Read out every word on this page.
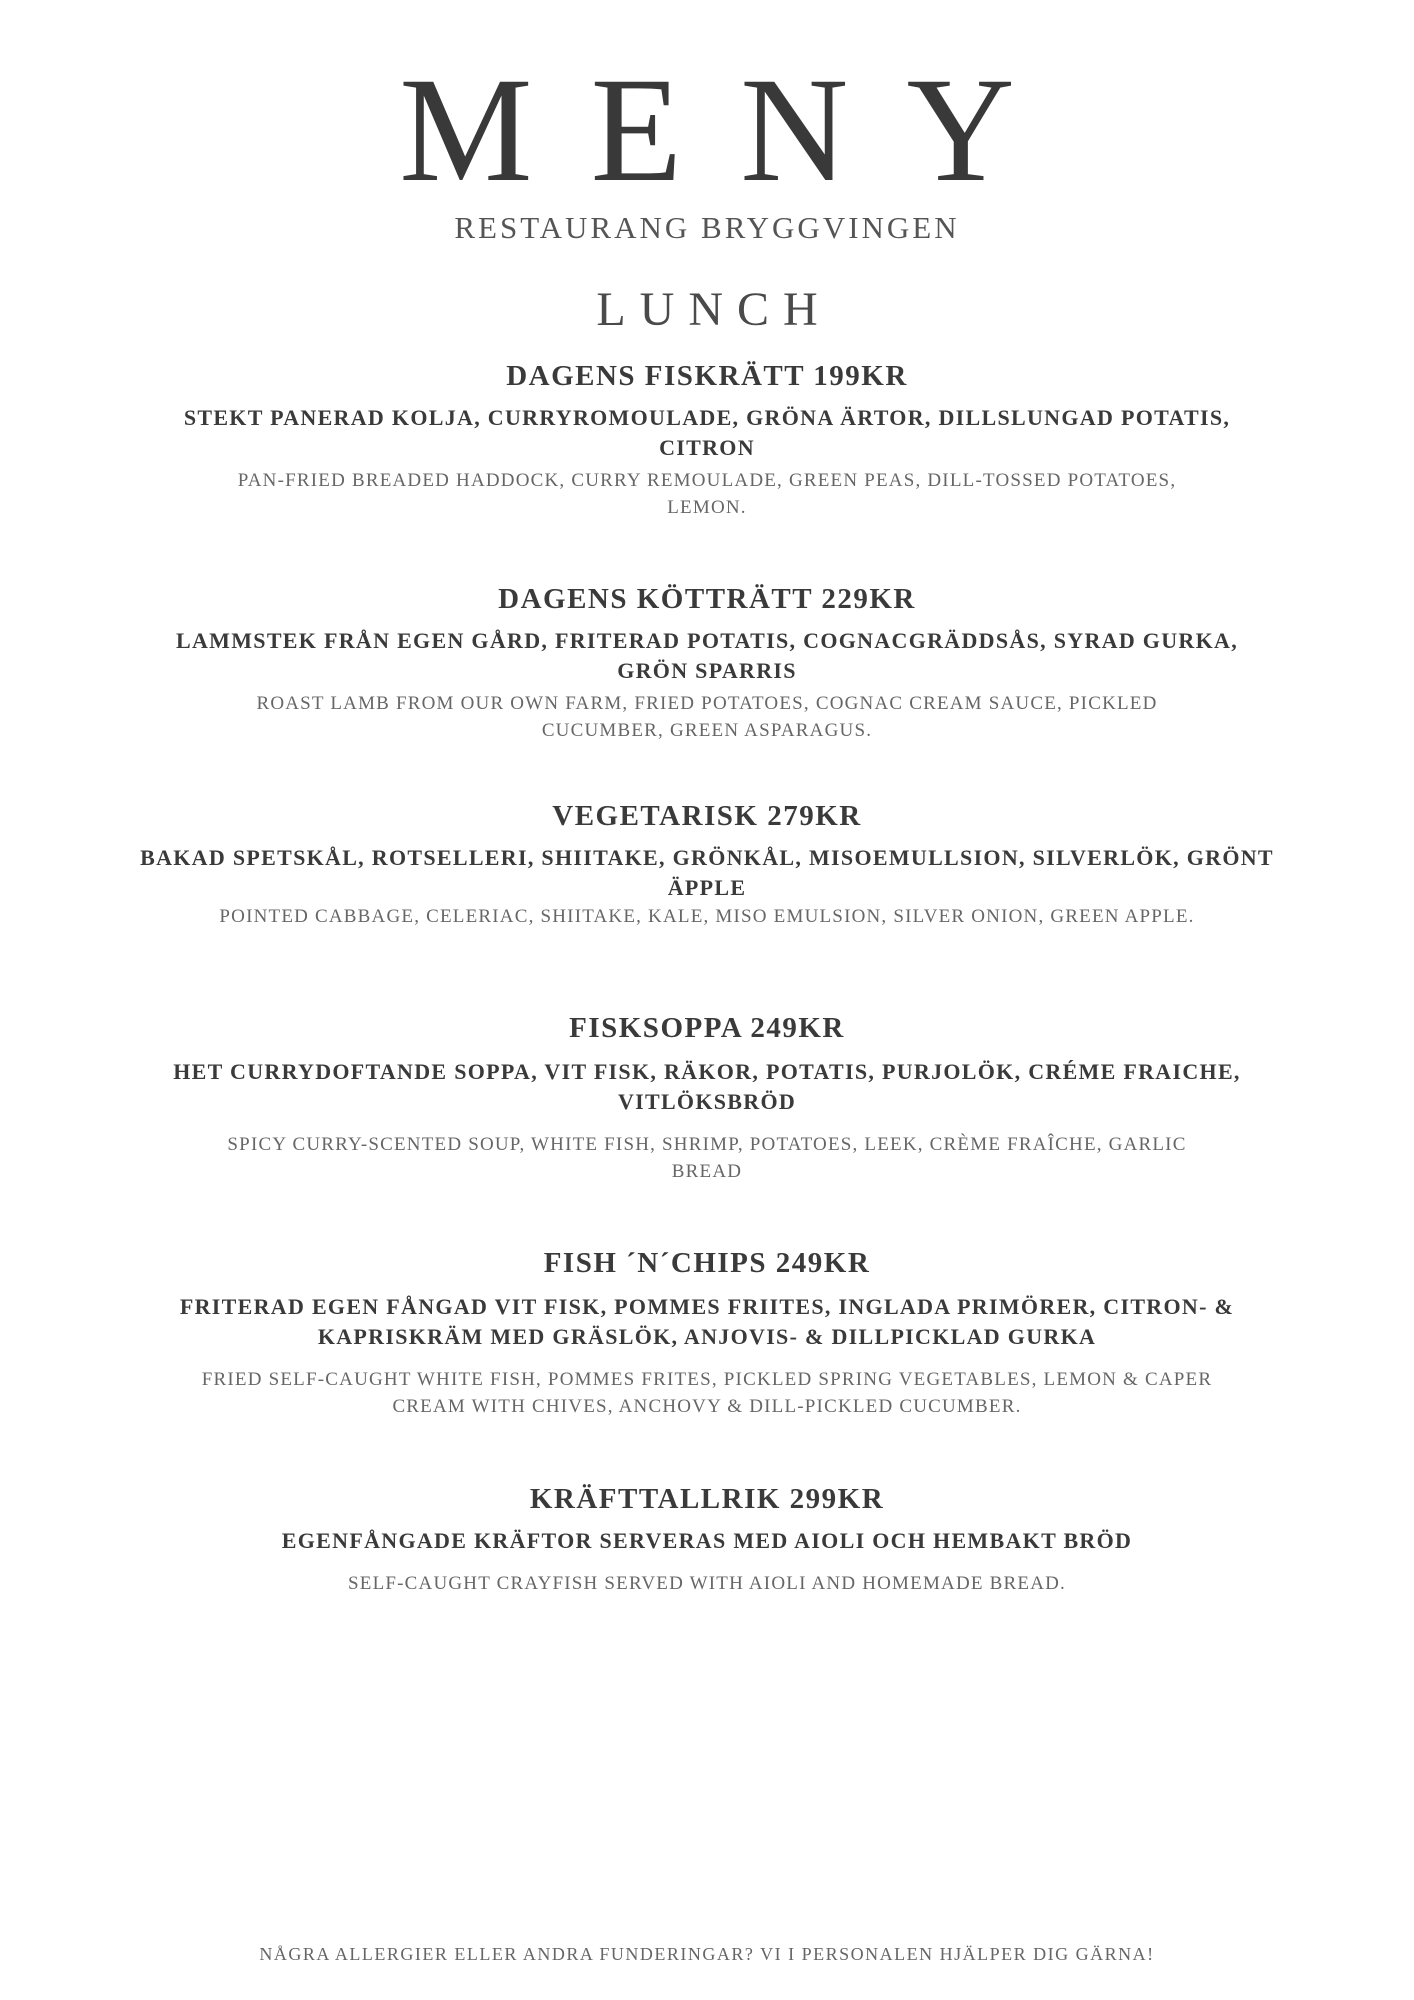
MENY
RESTAURANG BRYGGVINGEN
LUNCH

DAGENS FISKRÄTT 199KR

STEKT PANERAD KOLJA, CURRYROMOULADE, GRÖNA ÄRTOR, DILLSLUNGAD POTATIS,
CITRON

PAN-FRIED BREADED HADDOCK, CURRY REMOULADE, GREEN PEAS, DILL-TOSSED POTATOES,
LEMON.

DAGENS KÖTTRÄTT 229KR

LAMMSTEK FRÅN EGEN GÅRD, FRITERAD POTATIS, COGNACGRÄDDSÅS, SYRAD GURKA,
GRÖN SPARRIS

ROAST LAMB FROM OUR OWN FARM, FRIED POTATOES, COGNAC CREAM SAUCE, PICKLED
CUCUMBER, GREEN ASPARAGUS.

VEGETARISK 279KR

BAKAD SPETSKÅL, ROTSELLERI, SHIITAKE, GRÖNKÅL, MISOEMULLSION, SILVERLÖK, GRÖNT
ÄPPLE

POINTED CABBAGE, CELERIAC, SHIITAKE, KALE, MISO EMULSION, SILVER ONION, GREEN APPLE.

FISKSOPPA 249KR

HET CURRYDOFTANDE SOPPA, VIT FISK, RÄKOR, POTATIS, PURJOLÖK, CRÉME FRAICHE,
VITLÖKSBRÖD

SPICY CURRY-SCENTED SOUP, WHITE FISH, SHRIMP, POTATOES, LEEK, CRÈME FRAÎCHE, GARLIC
BREAD

FISH ´N´CHIPS 249KR

FRITERAD EGEN FÅNGAD VIT FISK, POMMES FRIITES, INGLADA PRIMÖRER, CITRON- &
KAPRISKRÄM MED GRÄSLÖK, ANJOVIS- & DILLPICKLAD GURKA

FRIED SELF-CAUGHT WHITE FISH, POMMES FRITES, PICKLED SPRING VEGETABLES, LEMON & CAPER
CREAM WITH CHIVES, ANCHOVY & DILL-PICKLED CUCUMBER.

KRÄFTTALLRIK 299KR

EGENFÅNGADE KRÄFTOR SERVERAS MED AIOLI OCH HEMBAKT BRÖD

SELF-CAUGHT CRAYFISH SERVED WITH AIOLI AND HOMEMADE BREAD.

NÅGRA ALLERGIER ELLER ANDRA FUNDERINGAR? VI I PERSONALEN HJÄLPER DIG GÄRNA!
